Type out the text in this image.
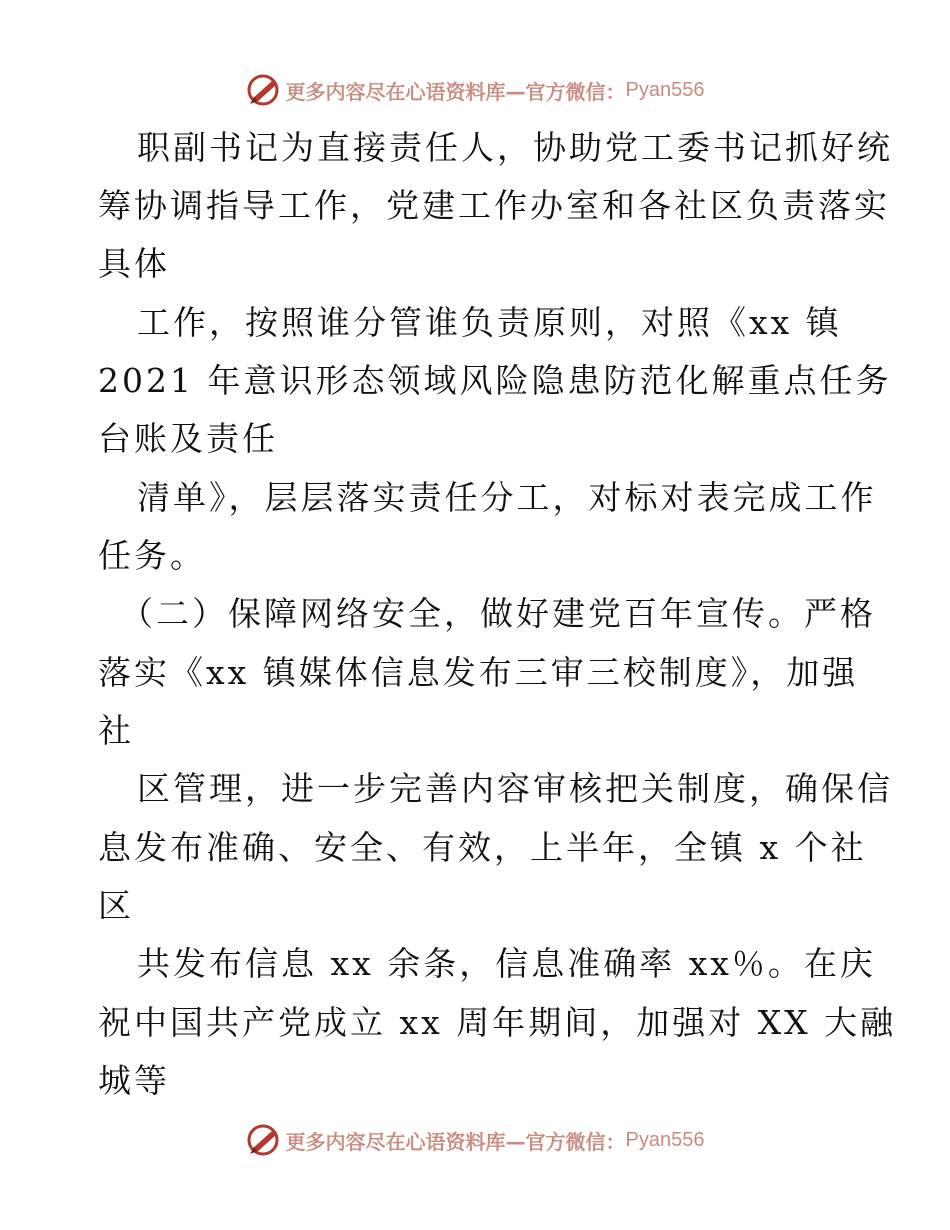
更多内容尽在心语资料库—官方微信： Pyan556
职副书记为直接责任人，协助党工委书记抓好统
筹协调指导工作，党建工作办室和各社区负责落实
具体
工作，按照谁分管谁负责原则，对照《xx 镇
2021 年意识形态领域风险隐患防范化解重点任务
台账及责任
清单》，层层落实责任分工，对标对表完成工作
任务。
（二）保障网络安全，做好建党百年宣传。严格
落实《xx 镇媒体信息发布三审三校制度》，加强
社
区管理，进一步完善内容审核把关制度，确保信
息发布准确、安全、有效，上半年，全镇 x 个社
区
共发布信息 xx 余条，信息准确率 xx％。在庆
祝中国共产党成立 xx 周年期间，加强对 XX 大融
城等
更多内容尽在心语资料库—官方微信： Pyan556
